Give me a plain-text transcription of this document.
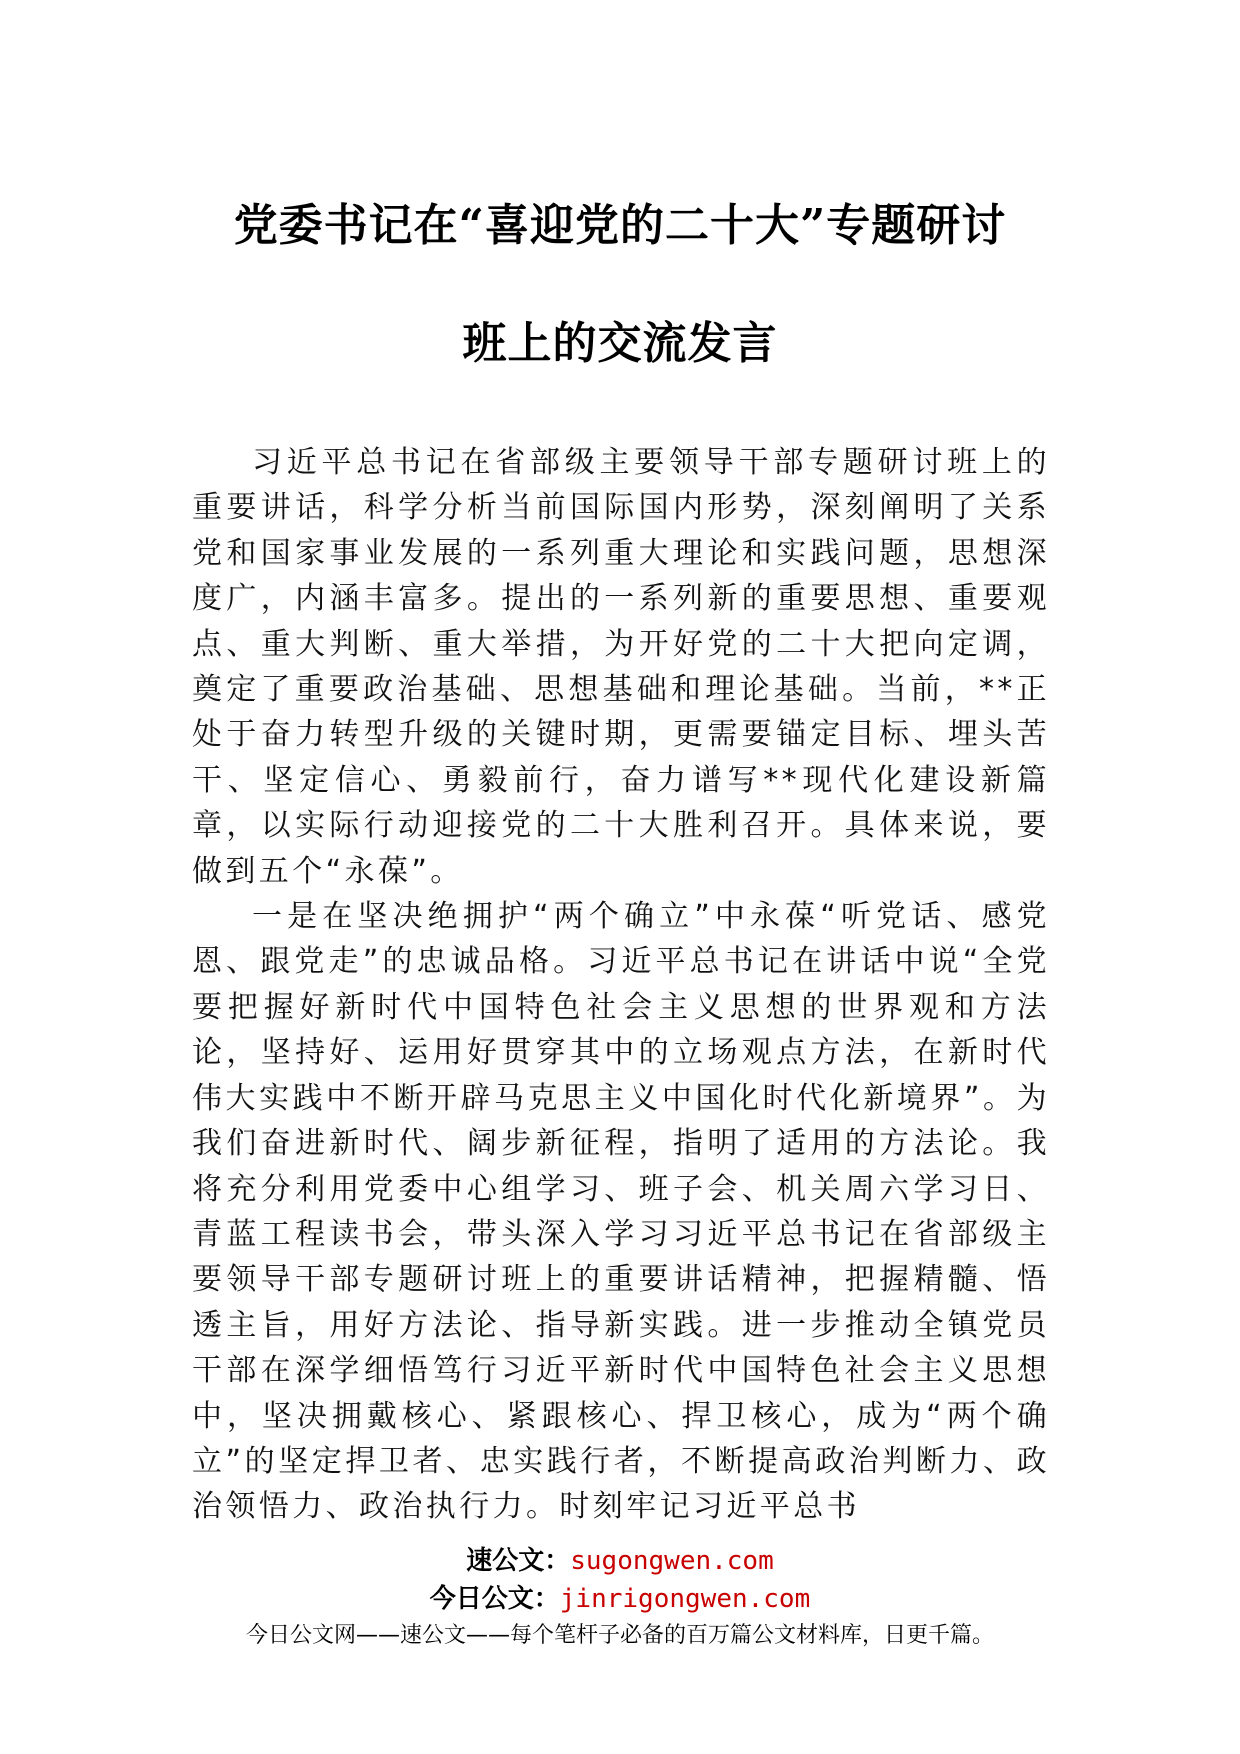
党委书记在“喜迎党的二十大”专题研讨
班上的交流发言

习近平总书记在省部级主要领导干部专题研讨班上的重要讲话，科学分析当前国际国内形势，深刻阐明了关系党和国家事业发展的一系列重大理论和实践问题，思想深度广，内涵丰富多。提出的一系列新的重要思想、重要观点、重大判断、重大举措，为开好党的二十大把向定调，奠定了重要政治基础、思想基础和理论基础。当前，**正处于奋力转型升级的关键时期，更需要锚定目标、埋头苦干、坚定信心、勇毅前行，奋力谱写**现代化建设新篇章，以实际行动迎接党的二十大胜利召开。具体来说，要做到五个“永葆”。

一是在坚决绝拥护“两个确立”中永葆“听党话、感党恩、跟党走”的忠诚品格。习近平总书记在讲话中说“全党要把握好新时代中国特色社会主义思想的世界观和方法论，坚持好、运用好贯穿其中的立场观点方法，在新时代伟大实践中不断开辟马克思主义中国化时代化新境界”。为我们奋进新时代、阔步新征程，指明了适用的方法论。我将充分利用党委中心组学习、班子会、机关周六学习日、青蓝工程读书会，带头深入学习习近平总书记在省部级主要领导干部专题研讨班上的重要讲话精神，把握精髓、悟透主旨，用好方法论、指导新实践。进一步推动全镇党员干部在深学细悟笃行习近平新时代中国特色社会主义思想中，坚决拥戴核心、紧跟核心、捍卫核心，成为“两个确立”的坚定捍卫者、忠实践行者，不断提高政治判断力、政治领悟力、政治执行力。时刻牢记习近平总书

速公文：sugongwen.com
今日公文：jinrigongwen.com
今日公文网——速公文——每个笔杆子必备的百万篇公文材料库，日更千篇。
